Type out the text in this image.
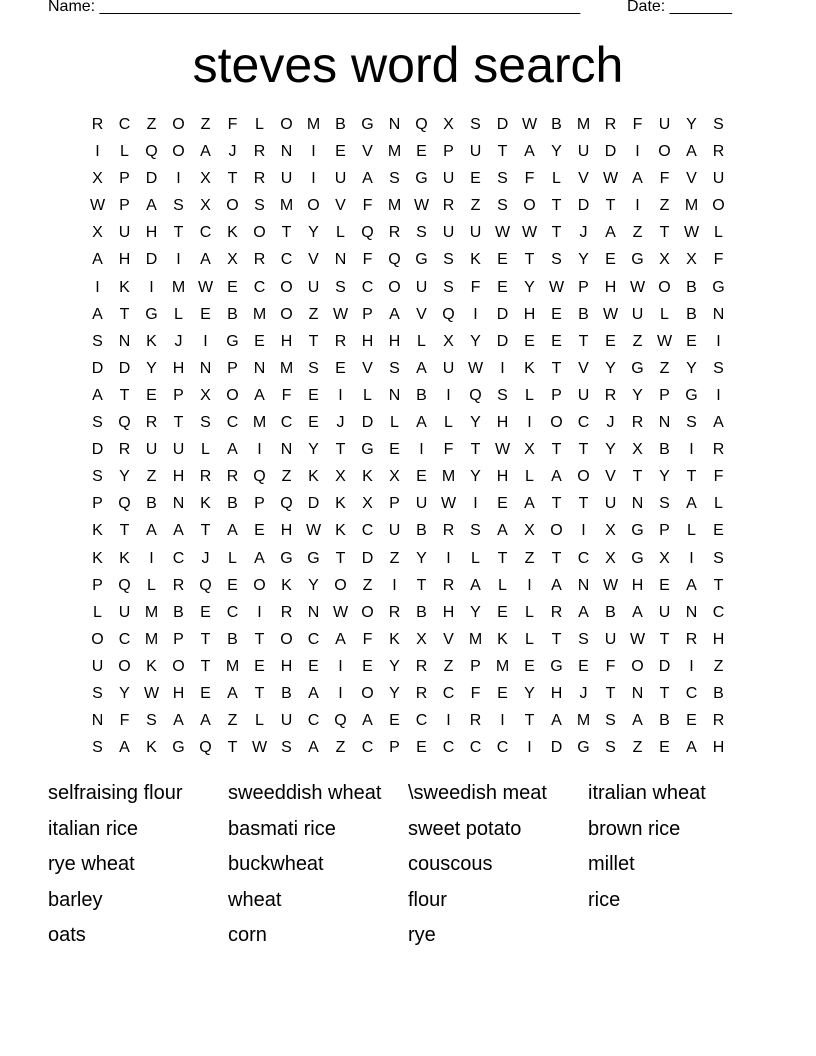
Name: ______________________________________________________	Date: _______
steves word search
R C	Z O Z	F	L	O M B G N Q X	S D W B M R	F	U Y	S
I	L	Q O A	J	R N	I	E	V M E	P U	T	A	Y U D	I	O A R
X	P D	I	X	T	R U	I	U A	S G U E	S	F	L	V W A	F	V U
W P	A	S	X O S M O V	F M W R	Z	S O T	D	T	I	Z M O
X U H	T	C K O T	Y	L	Q R S U U W W T	J	A	Z	T W L
A H D	I	A	X R C V N	F Q G S	K	E	T	S	Y	E G X	X	F
I	K	I	M W E C O U S C O U S	F	E	Y W P H W O B G
A	T G	L	E	B M O Z W P	A	V Q	I	D H E	B W U	L	B N
S N K	J	I	G E H	T	R H H	L	X	Y D E	E	T	E	Z W E	I
D D Y H N P N M S	E	V	S	A U W	I	K	T	V	Y G Z	Y	S
A	T	E	P	X O A	F	E	I	L	N B	I	Q S	L	P U R Y	P G	I
S Q R	T	S C M C E	J	D	L	A	L	Y H	I	O C	J	R N S	A
D R U U	L	A	I	N Y	T G E	I	F	T W X	T	T	Y	X	B	I	R
S	Y	Z	H R R Q Z	K	X	K	X	E M Y H	L	A O V	T	Y	T	F
P Q B N K	B	P Q D K	X	P U W	I	E	A	T	T	U N S	A	L
K	T	A	A	T	A	E H W K C U B R S	A	X O	I	X G P	L	E
K	K	I	C	J	L	A G G T	D	Z	Y	I	L	T	Z	T	C X G X	I	S
P Q	L	R Q E O K	Y O Z	I	T	R A	L	I	A N W H E	A	T
L	U M B	E C	I	R N W O R B H Y	E	L	R A	B	A U N C
O C M P	T	B	T O C A	F	K	X	V M K	L	T	S U W T	R H
U O K O T M E H E	I	E	Y R	Z	P M E G E	F O D	I	Z
S	Y W H E	A	T	B	A	I	O Y R C	F	E	Y H	J	T	N	T	C B
N	F	S	A	A	Z	L	U C Q A	E C	I	R	I	T	A M S	A	B	E R
S	A	K G Q T W S	A	Z	C P	E C C C	I	D G S	Z	E	A H
selfraising flour	sweeddish wheat	\sweedish meat	itralian wheat
italian rice	basmati rice	sweet potato	brown rice
rye wheat	buckwheat	couscous	millet
barley	wheat	flour	rice
oats	corn	rye
